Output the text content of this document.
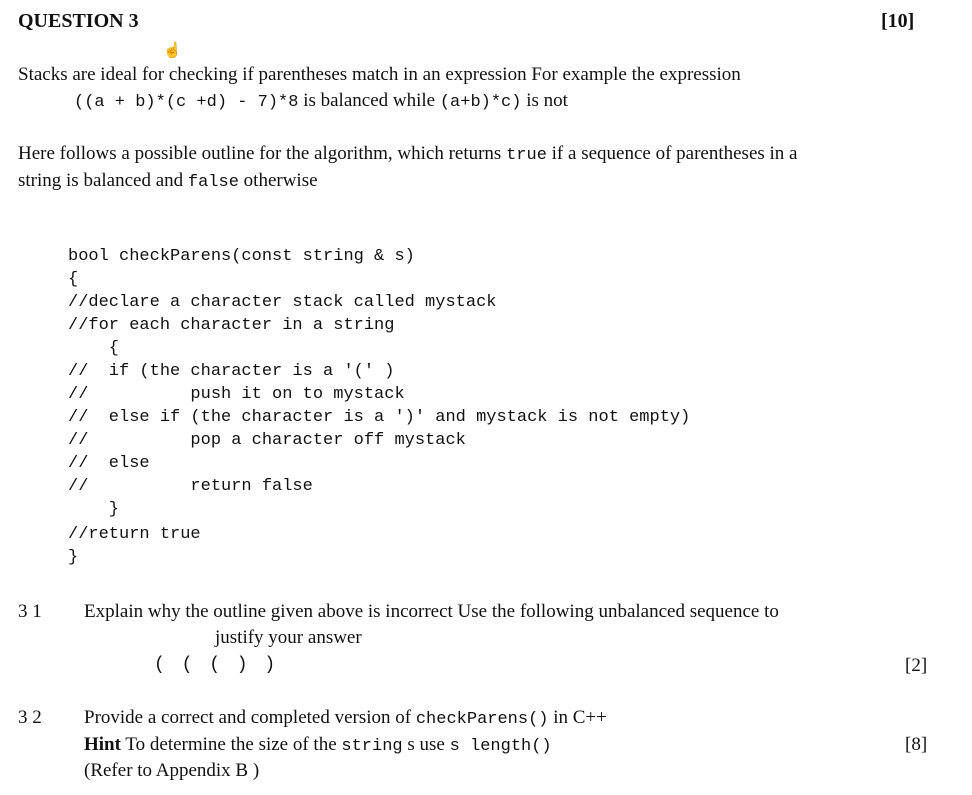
QUESTION 3	[10]
☝
Stacks are ideal for checking if parentheses match in an expression For example the expression
((a + b)*(c +d) - 7)*8 is balanced while (a+b)*c) is not
Here follows a possible outline for the algorithm, which returns true if a sequence of parentheses in a
string is balanced and false otherwise
bool checkParens(const string & s)
{
//declare a character stack called mystack
//for each character in a string
{
//  if (the character is a '(' )
//          push it on to mystack
//  else if (the character is a ')' and mystack is not empty)
//          pop a character off mystack
//  else
//          return false
}
//return true
}
3 1 Explain why the outline given above is incorrect Use the following unbalanced sequence to
justify your answer
( ( ( ) )	[2]
3 2 Provide a correct and completed version of checkParens() in C++
Hint To determine the size of the string s use s length()	[8]
(Refer to Appendix B )
